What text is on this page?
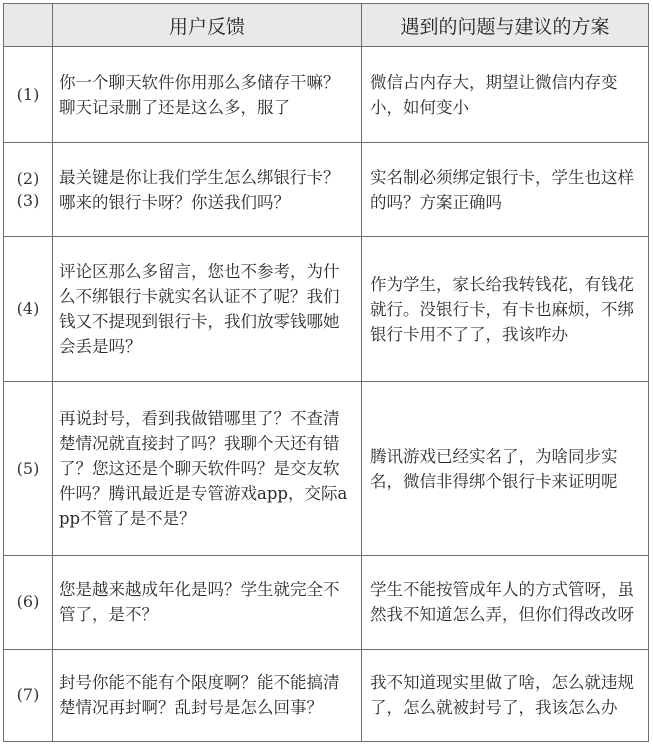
	用户反馈	遇到的问题与建议的方案

(1)	你一个聊天软件你用那么多储存干嘛？聊天记录删了还是这么多，服了	微信占内存大，期望让微信内存变小，如何变小

(2)
(3)	最关键是你让我们学生怎么绑银行卡？哪来的银行卡呀？你送我们吗？	实名制必须绑定银行卡，学生也这样的吗？方案正确吗

(4)	评论区那么多留言，您也不参考，为什么不绑银行卡就实名认证不了呢？我们钱又不提现到银行卡，我们放零钱哪她会丢是吗？	作为学生，家长给我转钱花，有钱花就行。没银行卡，有卡也麻烦，不绑银行卡用不了了，我该咋办

(5)	再说封号，看到我做错哪里了？不查清楚情况就直接封了吗？我聊个天还有错了？您这还是个聊天软件吗？是交友软件吗？腾讯最近是专管游戏app，交际app不管了是不是？	腾讯游戏已经实名了，为啥同步实名，微信非得绑个银行卡来证明呢

(6)	您是越来越成年化是吗？学生就完全不管了，是不？	学生不能按管成年人的方式管呀，虽然我不知道怎么弄，但你们得改改呀

(7)	封号你能不能有个限度啊？能不能搞清楚情况再封啊？乱封号是怎么回事？	我不知道现实里做了啥，怎么就违规了，怎么就被封号了，我该怎么办
